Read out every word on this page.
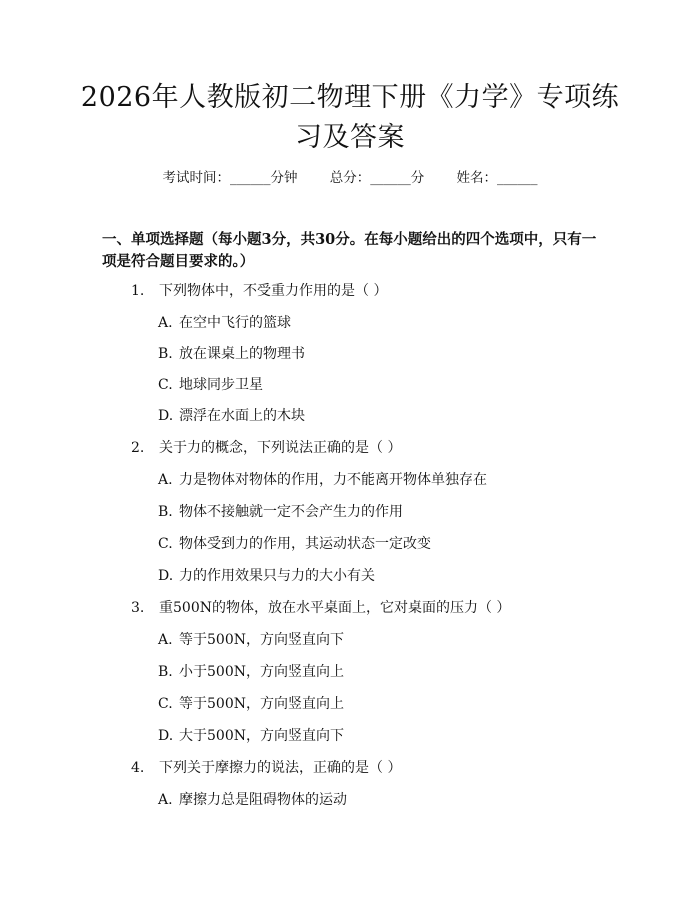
2026年人教版初二物理下册《力学》专项练习及答案
考试时间：______分钟 总分：______分 姓名：______
一、单项选择题（每小题3分，共30分。在每小题给出的四个选项中，只有一项是符合题目要求的。）
1. 下列物体中，不受重力作用的是（ ）
A. 在空中飞行的篮球
B. 放在课桌上的物理书
C. 地球同步卫星
D. 漂浮在水面上的木块
2. 关于力的概念，下列说法正确的是（ ）
A. 力是物体对物体的作用，力不能离开物体单独存在
B. 物体不接触就一定不会产生力的作用
C. 物体受到力的作用，其运动状态一定改变
D. 力的作用效果只与力的大小有关
3. 重500N的物体，放在水平桌面上，它对桌面的压力（ ）
A. 等于500N，方向竖直向下
B. 小于500N，方向竖直向上
C. 等于500N，方向竖直向上
D. 大于500N，方向竖直向下
4. 下列关于摩擦力的说法，正确的是（ ）
A. 摩擦力总是阻碍物体的运动
